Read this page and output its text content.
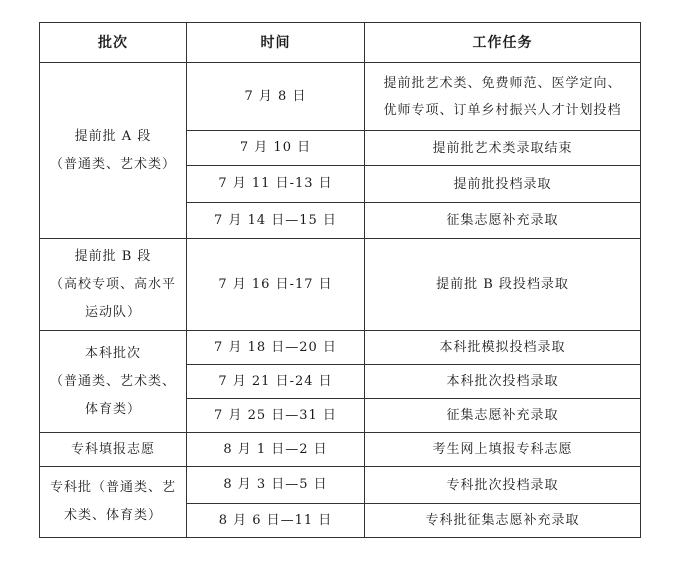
批次	时间	工作任务

提前批 A 段
（普通类、艺术类）	7 月 8 日	提前批艺术类、免费师范、医学定向、
优师专项、订单乡村振兴人才计划投档

	7 月 10 日	提前批艺术类录取结束

	7 月 11 日-13 日	提前批投档录取

	7 月 14 日—15 日	征集志愿补充录取

提前批 B 段
（高校专项、高水平
运动队）	7 月 16 日-17 日	提前批 B 段投档录取

本科批次
（普通类、艺术类、
体育类）	7 月 18 日—20 日	本科批模拟投档录取

	7 月 21 日-24 日	本科批次投档录取

	7 月 25 日—31 日	征集志愿补充录取

专科填报志愿	8 月 1 日—2 日	考生网上填报专科志愿

专科批（普通类、艺
术类、体育类）	8 月 3 日—5 日	专科批次投档录取

	8 月 6 日—11 日	专科批征集志愿补充录取
